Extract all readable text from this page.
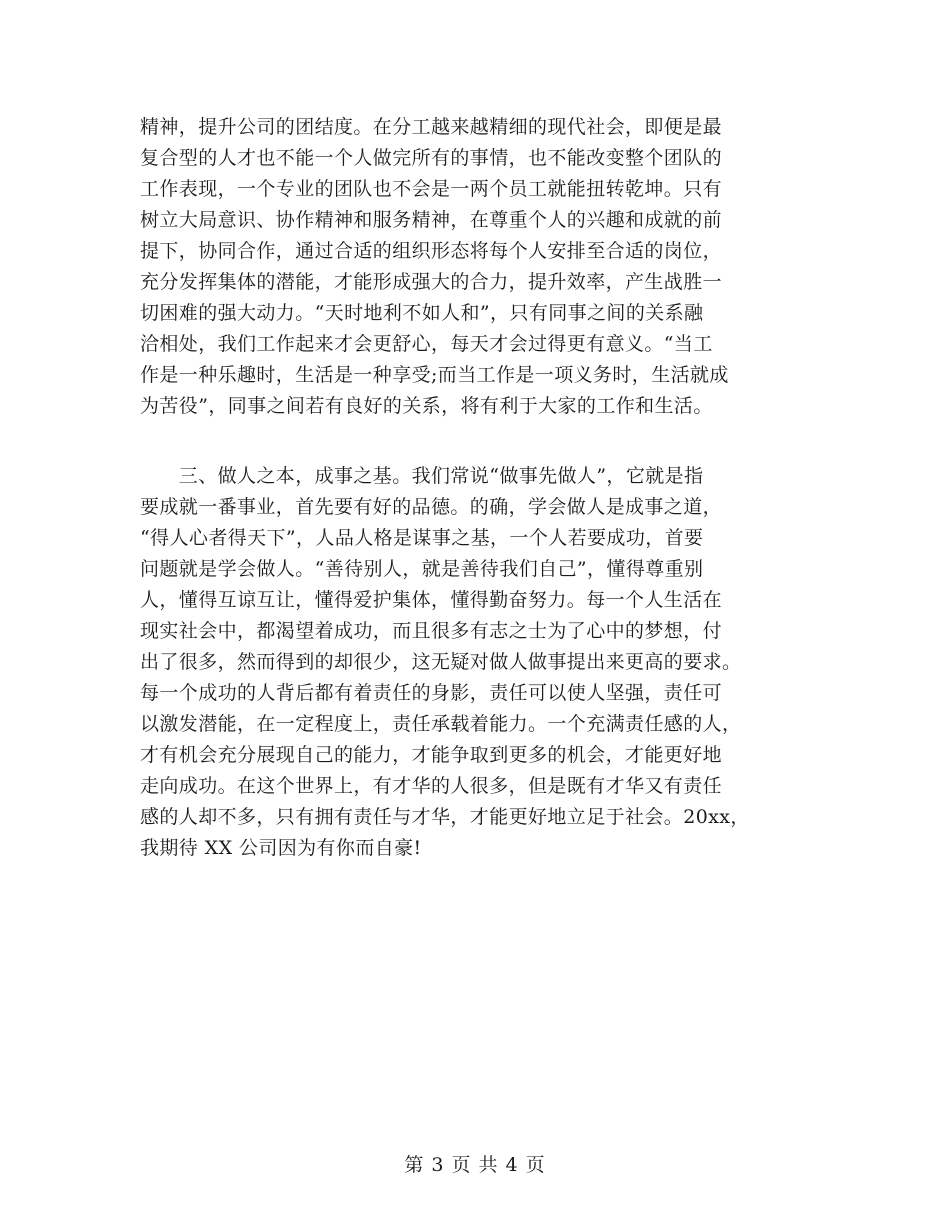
精神，提升公司的团结度。在分工越来越精细的现代社会，即便是最
复合型的人才也不能一个人做完所有的事情，也不能改变整个团队的
工作表现，一个专业的团队也不会是一两个员工就能扭转乾坤。只有
树立大局意识、协作精神和服务精神，在尊重个人的兴趣和成就的前
提下，协同合作，通过合适的组织形态将每个人安排至合适的岗位，
充分发挥集体的潜能，才能形成强大的合力，提升效率，产生战胜一
切困难的强大动力。“天时地利不如人和”，只有同事之间的关系融
洽相处，我们工作起来才会更舒心，每天才会过得更有意义。“当工
作是一种乐趣时，生活是一种享受;而当工作是一项义务时，生活就成
为苦役”，同事之间若有良好的关系，将有利于大家的工作和生活。
　　三、做人之本，成事之基。我们常说“做事先做人”，它就是指
要成就一番事业，首先要有好的品德。的确，学会做人是成事之道，
“得人心者得天下”，人品人格是谋事之基，一个人若要成功，首要
问题就是学会做人。“善待别人，就是善待我们自己”，懂得尊重别
人，懂得互谅互让，懂得爱护集体，懂得勤奋努力。每一个人生活在
现实社会中，都渴望着成功，而且很多有志之士为了心中的梦想，付
出了很多，然而得到的却很少，这无疑对做人做事提出来更高的要求。
每一个成功的人背后都有着责任的身影，责任可以使人坚强，责任可
以激发潜能，在一定程度上，责任承载着能力。一个充满责任感的人，
才有机会充分展现自己的能力，才能争取到更多的机会，才能更好地
走向成功。在这个世界上，有才华的人很多，但是既有才华又有责任
感的人却不多，只有拥有责任与才华，才能更好地立足于社会。20xx，
我期待 XX 公司因为有你而自豪!
第 3 页 共 4 页
